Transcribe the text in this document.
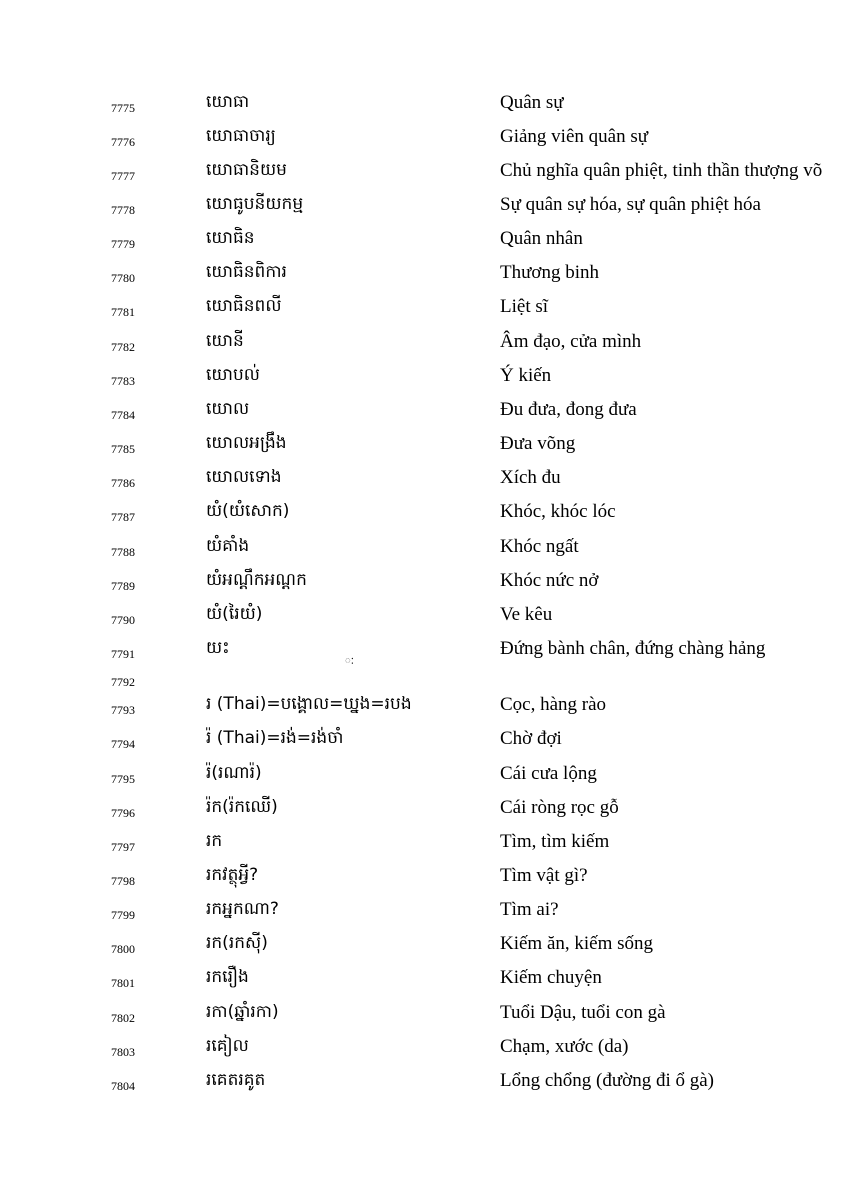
7775	យោធា	Quân sự
7776	យោធាចារ្យ	Giảng viên quân sự
7777	យោធានិយម	Chủ nghĩa quân phiệt, tinh thần thượng võ
7778	យោធូបនីយកម្ម	Sự quân sự hóa, sự quân phiệt hóa
7779	យោធិន	Quân nhân
7780	យោធិនពិការ	Thương binh
7781	យោធិនពលី	Liệt sĩ
7782	យោនី	Âm đạo, cửa mình
7783	យោបល់	Ý kiến
7784	យោល	Đu đưa, đong đưa
7785	យោលអង្រឹង	Đưa võng
7786	យោលទោង	Xích đu
7787	យំ(យំសោក)	Khóc, khóc lóc
7788	យំគាំង	Khóc ngất
7789	យំអណ្តឹកអណ្តក	Khóc nức nở
7790	យំ(រៃយំ)	Ve kêu
7791	យះ	Đứng bành chân, đứng chàng hảng
7792
ៈ
7793	រ (Thai)=បង្គោល=ឃ្នង=របង	Cọc, hàng rào
7794	រ៉ (Thai)=រង់=រង់ចាំ	Chờ đợi
7795	រ៉(រណារ៉)	Cái cưa lộng
7796	រ៉ក(រ៉កឈើ)	Cái ròng rọc gỗ
7797	រក	Tìm, tìm kiếm
7798	រកវត្ថុអ្វី?	Tìm vật gì?
7799	រកអ្នកណា?	Tìm ai?
7800	រក(រកស៊ី)	Kiếm ăn, kiếm sống
7801	រករឿង	Kiếm chuyện
7802	រកា(ឆ្នាំរកា)	Tuổi Dậu, tuổi con gà
7803	រគៀល	Chạm, xước (da)
7804	រគេតរគូត	Lổng chổng (đường đi ổ gà)
